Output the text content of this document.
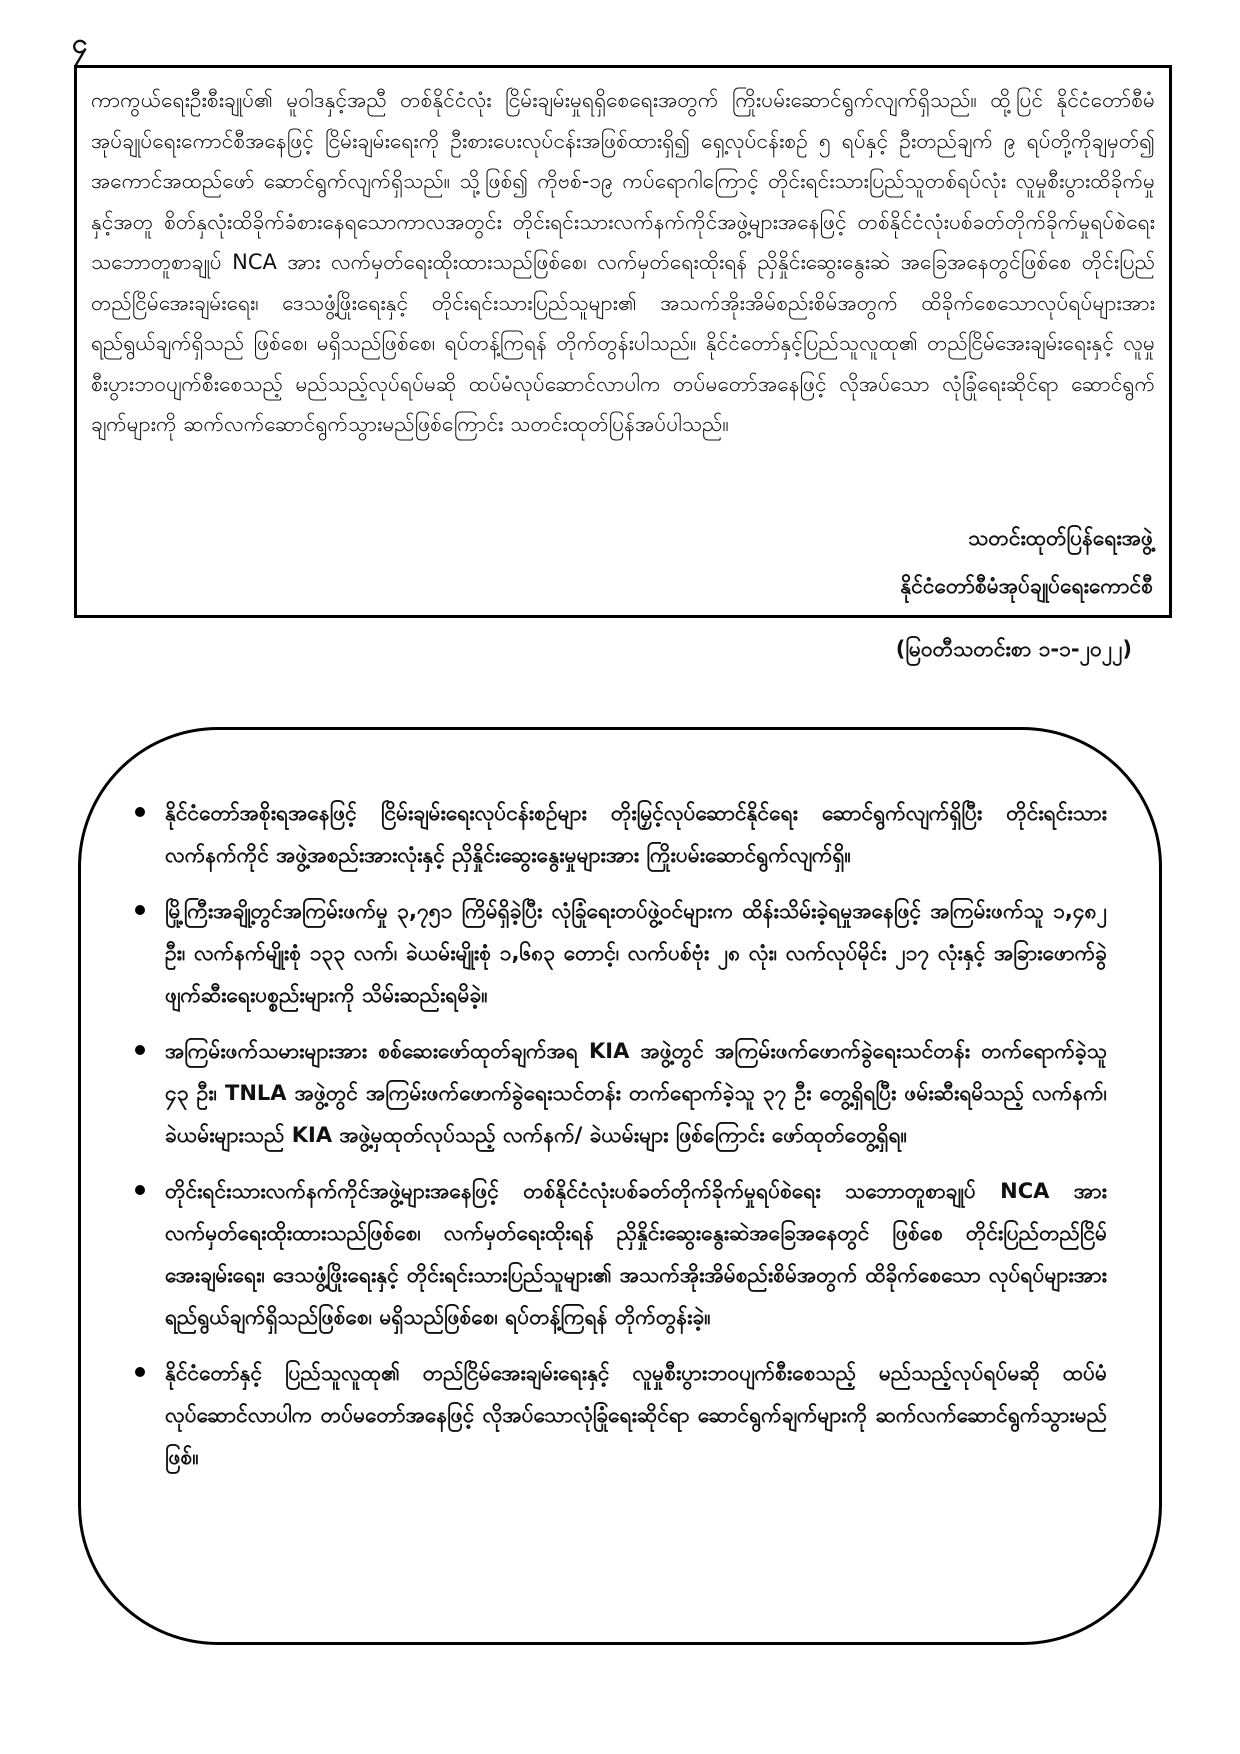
၄

ကာကွယ်ရေးဦးစီးချုပ်၏ မူဝါဒနှင့်အညီ တစ်နိုင်ငံလုံး ငြိမ်းချမ်းမှုရရှိစေရေးအတွက် ကြိုးပမ်းဆောင်ရွက်လျက်ရှိသည်။ ထို့ပြင် နိုင်ငံတော်စီမံအုပ်ချုပ်ရေးကောင်စီအနေဖြင့် ငြိမ်းချမ်းရေးကို ဦးစားပေးလုပ်ငန်းအဖြစ်ထားရှိ၍ ရှေ့လုပ်ငန်းစဉ် ၅ ရပ်နှင့် ဦးတည်ချက် ၉ ရပ်တို့ကိုချမှတ်၍ အကောင်အထည်ဖော် ဆောင်ရွက်လျက်ရှိသည်။ သို့ဖြစ်၍ ကိုဗစ်-၁၉ ကပ်ရောဂါကြောင့် တိုင်းရင်းသားပြည်သူတစ်ရပ်လုံး လူမှုစီးပွားထိခိုက်မှုနှင့်အတူ စိတ်နှလုံးထိခိုက်ခံစားနေရသောကာလအတွင်း တိုင်းရင်းသားလက်နက်ကိုင်အဖွဲ့များအနေဖြင့် တစ်နိုင်ငံလုံးပစ်ခတ်တိုက်ခိုက်မှုရပ်စဲရေးသဘောတူစာချုပ် NCA အား လက်မှတ်ရေးထိုးထားသည်ဖြစ်စေ၊ လက်မှတ်ရေးထိုးရန် ညှိနှိုင်းဆွေးနွေးဆဲ အခြေအနေတွင်ဖြစ်စေ တိုင်းပြည်တည်ငြိမ်အေးချမ်းရေး၊ ဒေသဖွံ့ဖြိုးရေးနှင့် တိုင်းရင်းသားပြည်သူများ၏ အသက်အိုးအိမ်စည်းစိမ်အတွက် ထိခိုက်စေသောလုပ်ရပ်များအား ရည်ရွယ်ချက်ရှိသည် ဖြစ်စေ၊ မရှိသည်ဖြစ်စေ၊ ရပ်တန့်ကြရန် တိုက်တွန်းပါသည်။ နိုင်ငံတော်နှင့်ပြည်သူလူထု၏ တည်ငြိမ်အေးချမ်းရေးနှင့် လူမှုစီးပွားဘဝပျက်စီးစေသည့် မည်သည့်လုပ်ရပ်မဆို ထပ်မံလုပ်ဆောင်လာပါက တပ်မတော်အနေဖြင့် လိုအပ်သော လုံခြုံရေးဆိုင်ရာ ဆောင်ရွက်ချက်များကို ဆက်လက်ဆောင်ရွက်သွားမည်ဖြစ်ကြောင်း သတင်းထုတ်ပြန်အပ်ပါသည်။

သတင်းထုတ်ပြန်ရေးအဖွဲ့
နိုင်ငံတော်စီမံအုပ်ချုပ်ရေးကောင်စီ
(မြဝတီသတင်းစာ ၁-၁-၂၀၂၂)
နိုင်ငံတော်အစိုးရအနေဖြင့် ငြိမ်းချမ်းရေးလုပ်ငန်းစဉ်များ တိုးမြှင့်လုပ်ဆောင်နိုင်ရေး ဆောင်ရွက်လျက်ရှိပြီး တိုင်းရင်းသားလက်နက်ကိုင် အဖွဲ့အစည်းအားလုံးနှင့် ညှိနှိုင်းဆွေးနွေးမှုများအား ကြိုးပမ်းဆောင်ရွက်လျက်ရှိ။
မြို့ကြီးအချို့တွင်အကြမ်းဖက်မှု ၃,၇၅၁ ကြိမ်ရှိခဲ့ပြီး လုံခြုံရေးတပ်ဖွဲ့ဝင်များက ထိန်းသိမ်းခဲ့ရမှုအနေဖြင့် အကြမ်းဖက်သူ ၁,၄၈၂ ဦး၊ လက်နက်မျိုးစုံ ၁၃၃ လက်၊ ခဲယမ်းမျိုးစုံ ၁,၆၈၃ တောင့်၊ လက်ပစ်ဗုံး ၂၈ လုံး၊ လက်လုပ်မိုင်း ၂၁၇ လုံးနှင့် အခြားဖောက်ခွဲဖျက်ဆီးရေးပစ္စည်းများကို သိမ်းဆည်းရမိခဲ့။
အကြမ်းဖက်သမားများအား စစ်ဆေးဖော်ထုတ်ချက်အရ KIA အဖွဲ့တွင် အကြမ်းဖက်ဖောက်ခွဲရေးသင်တန်း တက်ရောက်ခဲ့သူ ၄၃ ဦး၊ TNLA အဖွဲ့တွင် အကြမ်းဖက်ဖောက်ခွဲရေးသင်တန်း တက်ရောက်ခဲ့သူ ၃၇ ဦး တွေ့ရှိရပြီး ဖမ်းဆီးရမိသည့် လက်နက်၊ ခဲယမ်းများသည် KIA အဖွဲ့မှထုတ်လုပ်သည့် လက်နက်/ ခဲယမ်းများ ဖြစ်ကြောင်း ဖော်ထုတ်တွေ့ရှိရ။
တိုင်းရင်းသားလက်နက်ကိုင်အဖွဲ့များအနေဖြင့် တစ်နိုင်ငံလုံးပစ်ခတ်တိုက်ခိုက်မှုရပ်စဲရေး သဘောတူစာချုပ် NCA အား လက်မှတ်ရေးထိုးထားသည်ဖြစ်စေ၊ လက်မှတ်ရေးထိုးရန် ညှိနှိုင်းဆွေးနွေးဆဲအခြေအနေတွင် ဖြစ်စေ တိုင်းပြည်တည်ငြိမ်အေးချမ်းရေး၊ ဒေသဖွံ့ဖြိုးရေးနှင့် တိုင်းရင်းသားပြည်သူများ၏ အသက်အိုးအိမ်စည်းစိမ်အတွက် ထိခိုက်စေသော လုပ်ရပ်များအား ရည်ရွယ်ချက်ရှိသည်ဖြစ်စေ၊ မရှိသည်ဖြစ်စေ၊ ရပ်တန့်ကြရန် တိုက်တွန်းခဲ့။
နိုင်ငံတော်နှင့် ပြည်သူလူထု၏ တည်ငြိမ်အေးချမ်းရေးနှင့် လူမှုစီးပွားဘဝပျက်စီးစေသည့် မည်သည့်လုပ်ရပ်မဆို ထပ်မံလုပ်ဆောင်လာပါက တပ်မတော်အနေဖြင့် လိုအပ်သောလုံခြုံရေးဆိုင်ရာ ဆောင်ရွက်ချက်များကို ဆက်လက်ဆောင်ရွက်သွားမည်ဖြစ်။
